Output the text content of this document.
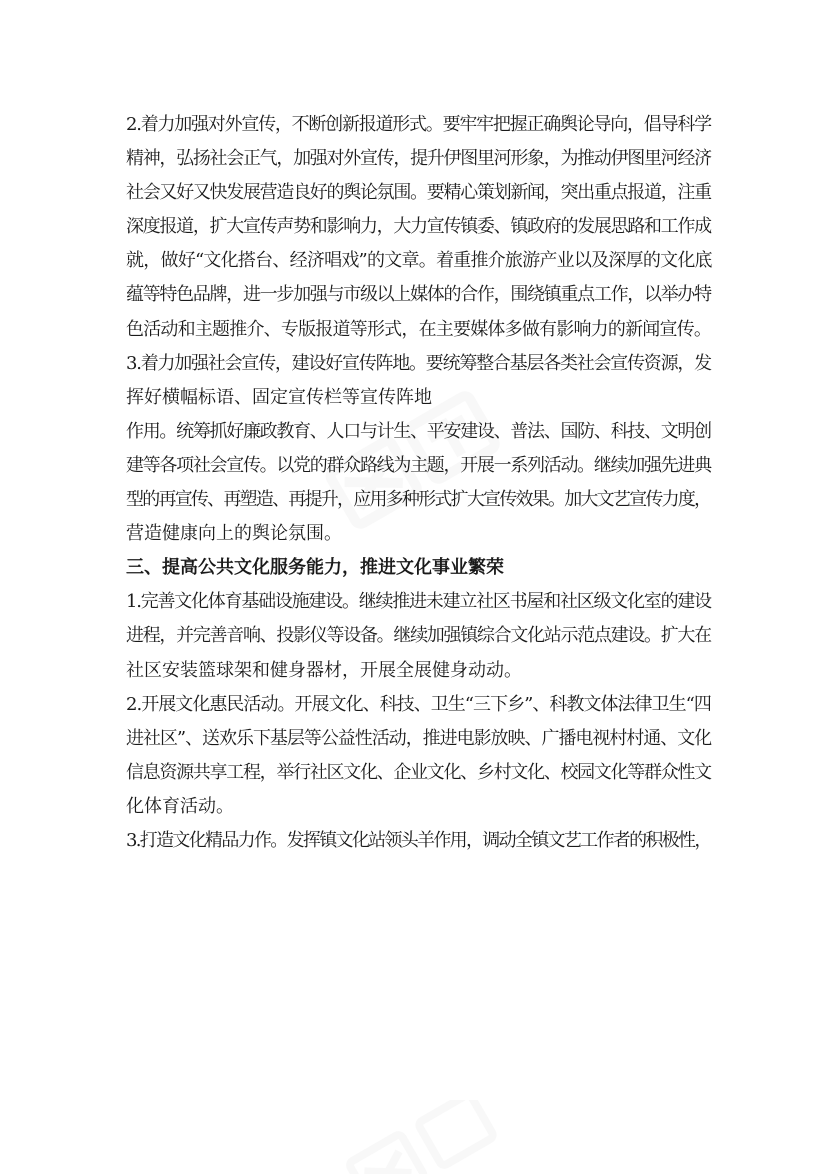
2.着力加强对外宣传，不断创新报道形式。要牢牢把握正确舆论导向，倡导科学
精神，弘扬社会正气，加强对外宣传，提升伊图里河形象，为推动伊图里河经济
社会又好又快发展营造良好的舆论氛围。要精心策划新闻，突出重点报道，注重
深度报道，扩大宣传声势和影响力，大力宣传镇委、镇政府的发展思路和工作成
就，做好“文化搭台、经济唱戏”的文章。着重推介旅游产业以及深厚的文化底
蕴等特色品牌，进一步加强与市级以上媒体的合作，围绕镇重点工作，以举办特
色活动和主题推介、专版报道等形式，在主要媒体多做有影响力的新闻宣传。
3.着力加强社会宣传，建设好宣传阵地。要统筹整合基层各类社会宣传资源，发
挥好横幅标语、固定宣传栏等宣传阵地
作用。统筹抓好廉政教育、人口与计生、平安建设、普法、国防、科技、文明创
建等各项社会宣传。以党的群众路线为主题，开展一系列活动。继续加强先进典
型的再宣传、再塑造、再提升，应用多种形式扩大宣传效果。加大文艺宣传力度，
营造健康向上的舆论氛围。
三、提高公共文化服务能力，推进文化事业繁荣
1.完善文化体育基础设施建设。继续推进未建立社区书屋和社区级文化室的建设
进程，并完善音响、投影仪等设备。继续加强镇综合文化站示范点建设。扩大在
社区安装篮球架和健身器材，开展全展健身动动。
2.开展文化惠民活动。开展文化、科技、卫生“三下乡”、科教文体法律卫生“四
进社区”、送欢乐下基层等公益性活动，推进电影放映、广播电视村村通、文化
信息资源共享工程，举行社区文化、企业文化、乡村文化、校园文化等群众性文
化体育活动。
3.打造文化精品力作。发挥镇文化站领头羊作用，调动全镇文艺工作者的积极性，
